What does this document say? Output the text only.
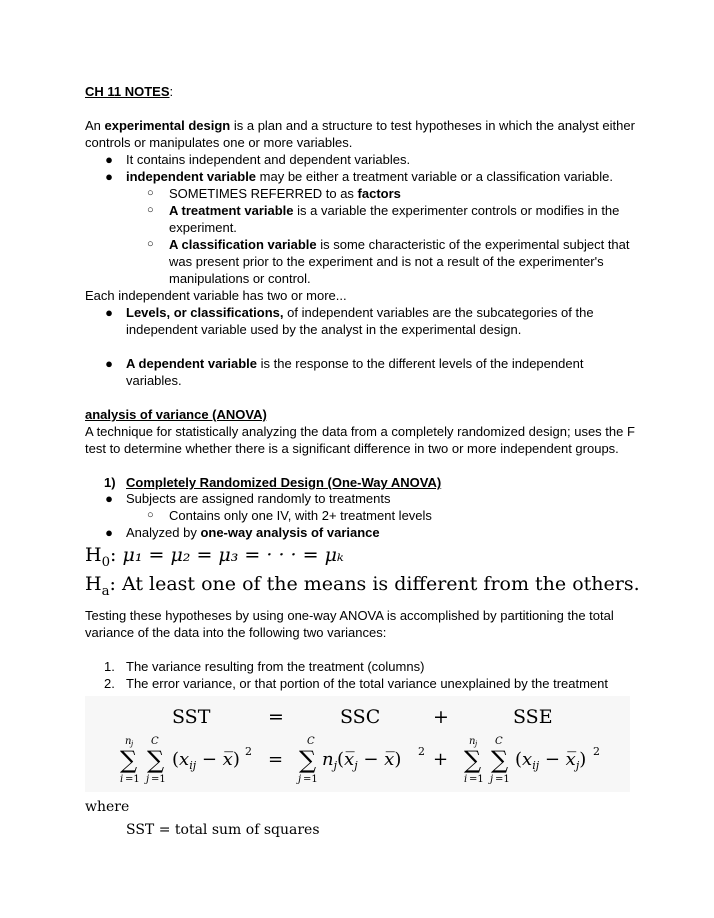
CH 11 NOTES:
An experimental design is a plan and a structure to test hypotheses in which the analyst either
controls or manipulates one or more variables.
● It contains independent and dependent variables.
● independent variable may be either a treatment variable or a classification variable.
○ SOMETIMES REFERRED to as factors
○ A treatment variable is a variable the experimenter controls or modifies in the
experiment.
○ A classification variable is some characteristic of the experimental subject that
was present prior to the experiment and is not a result of the experimenter's
manipulations or control.
Each independent variable has two or more...
● Levels, or classifications, of independent variables are the subcategories of the
independent variable used by the analyst in the experimental design.
● A dependent variable is the response to the different levels of the independent
variables.
analysis of variance (ANOVA)
A technique for statistically analyzing the data from a completely randomized design; uses the F
test to determine whether there is a significant difference in two or more independent groups.
1) Completely Randomized Design (One-Way ANOVA)
● Subjects are assigned randomly to treatments
○ Contains only one IV, with 2+ treatment levels
● Analyzed by one-way analysis of variance
$H_0$: μ₁ = μ₂ = μ₃ = · · · = μₖ
$H_a$: At least one of the means is different from the others.
Testing these hypotheses by using one-way ANOVA is accomplished by partitioning the total
variance of the data into the following two variances:
1. The variance resulting from the treatment (columns)
2. The error variance, or that portion of the total variance unexplained by the treatment
SST	=	SSC	+	SSE
n j
∑
i =1
C
∑
j =1
($x_{ij}$ − x̅) 2 =
C
∑
j =1
$n_j(x̅_j$ − x̅) 2 +
n j
∑
i =1
C
∑
j =1
($x_{ij}$ − $x̅_j$) 2
where
SST = total sum of squares
